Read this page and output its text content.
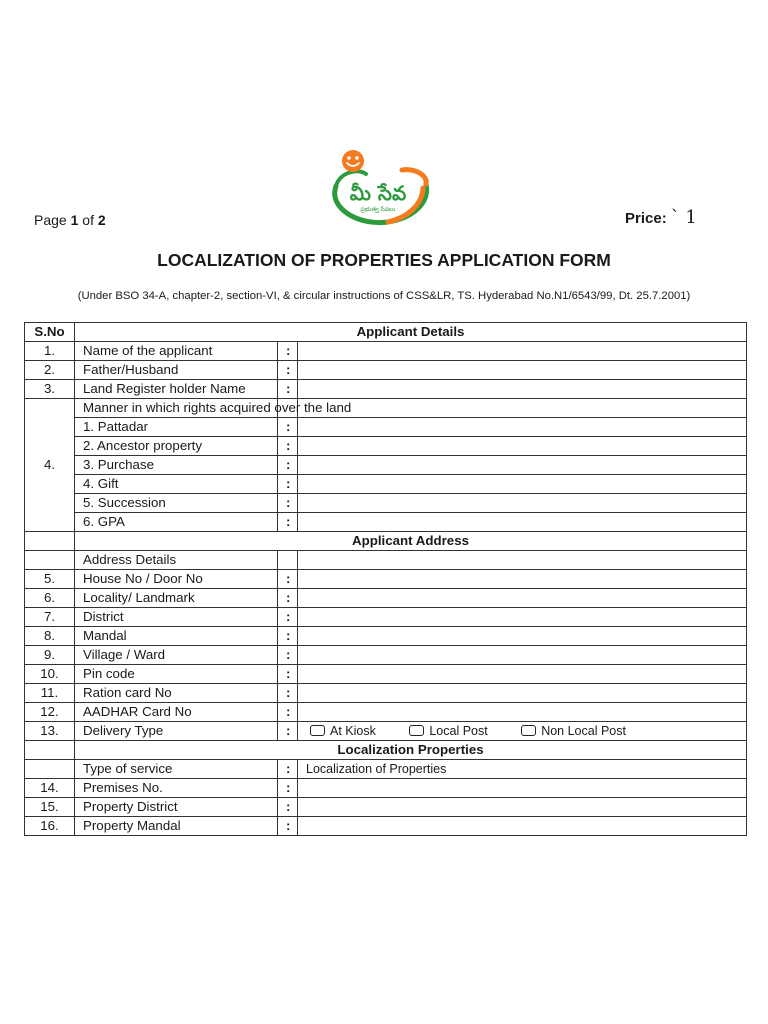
మీ సేవ
ప్రభుత్వ సేవలు
Page 1 of 2	Price: ` 1
LOCALIZATION OF PROPERTIES APPLICATION FORM
(Under BSO 34-A, chapter-2, section-VI, & circular instructions of CSS&LR, TS. Hyderabad No.N1/6543/99, Dt. 25.7.2001)
S.No	Applicant Details		
1.	Name of the applicant	:	
2.	Father/Husband	:	
3.	Land Register holder Name	:	
4.	Manner in which rights acquired over the land		
	1. Pattadar	:	
	2. Ancestor property	:	
	3. Purchase	:	
	4. Gift	:	
	5. Succession	:	
	6. GPA	:	
	Applicant Address		
	Address Details		
5.	House No / Door No	:	
6.	Locality/ Landmark	:	
7.	District	:	
8.	Mandal	:	
9.	Village / Ward	:	
10.	Pin code	:	
11.	Ration card No	:	
12.	AADHAR Card No	:	
13.	Delivery Type	:	At Kiosk Local Post Non Local Post
	Localization Properties		
	Type of service	:	Localization of Properties
14.	Premises No.	:	
15.	Property District	:	
16.	Property Mandal	:	
